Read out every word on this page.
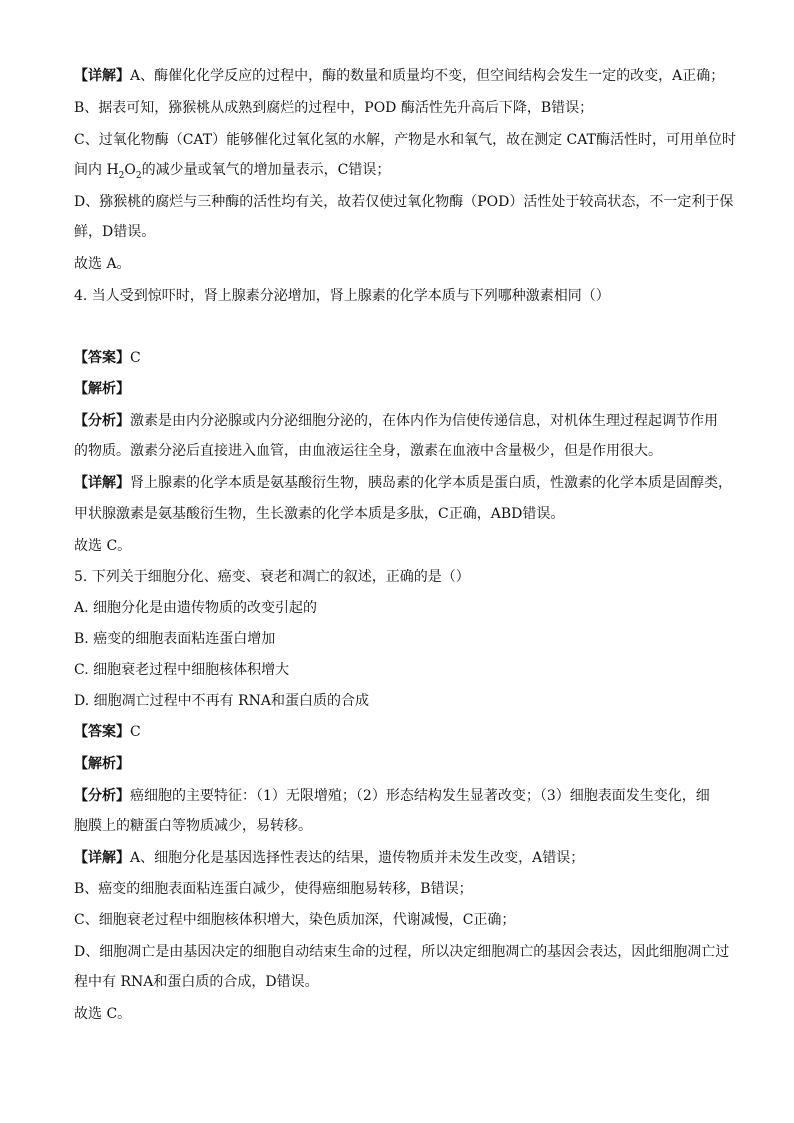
【详解】A、酶催化化学反应的过程中，酶的数量和质量均不变，但空间结构会发生一定的改变，A正确；
B、据表可知，猕猴桃从成熟到腐烂的过程中，POD 酶活性先升高后下降，B错误；
C、过氧化物酶（CAT）能够催化过氧化氢的水解，产物是水和氧气，故在测定 CAT酶活性时，可用单位时
间内 $H_2O_2$的减少量或氧气的增加量表示，C错误；
D、猕猴桃的腐烂与三种酶的活性均有关，故若仅使过氧化物酶（POD）活性处于较高状态，不一定利于保
鲜，D错误。
故选 A。
4. 当人受到惊吓时，肾上腺素分泌增加，肾上腺素的化学本质与下列哪种激素相同（）
【答案】C
【解析】
【分析】激素是由内分泌腺或内分泌细胞分泌的，在体内作为信使传递信息，对机体生理过程起调节作用
的物质。激素分泌后直接进入血管，由血液运往全身，激素在血液中含量极少，但是作用很大。
【详解】肾上腺素的化学本质是氨基酸衍生物，胰岛素的化学本质是蛋白质，性激素的化学本质是固醇类，
甲状腺激素是氨基酸衍生物，生长激素的化学本质是多肽，C正确，ABD错误。
故选 C。
5. 下列关于细胞分化、癌变、衰老和凋亡的叙述，正确的是（）
A. 细胞分化是由遗传物质的改变引起的
B. 癌变的细胞表面粘连蛋白增加
C. 细胞衰老过程中细胞核体积增大
D. 细胞凋亡过程中不再有 RNA和蛋白质的合成
【答案】C
【解析】
【分析】癌细胞的主要特征：（1）无限增殖；（2）形态结构发生显著改变；（3）细胞表面发生变化，细
胞膜上的糖蛋白等物质减少，易转移。
【详解】A、细胞分化是基因选择性表达的结果，遗传物质并未发生改变，A错误；
B、癌变的细胞表面粘连蛋白减少，使得癌细胞易转移，B错误；
C、细胞衰老过程中细胞核体积增大，染色质加深，代谢减慢，C正确；
D、细胞凋亡是由基因决定的细胞自动结束生命的过程，所以决定细胞凋亡的基因会表达，因此细胞凋亡过
程中有 RNA和蛋白质的合成，D错误。
故选 C。
